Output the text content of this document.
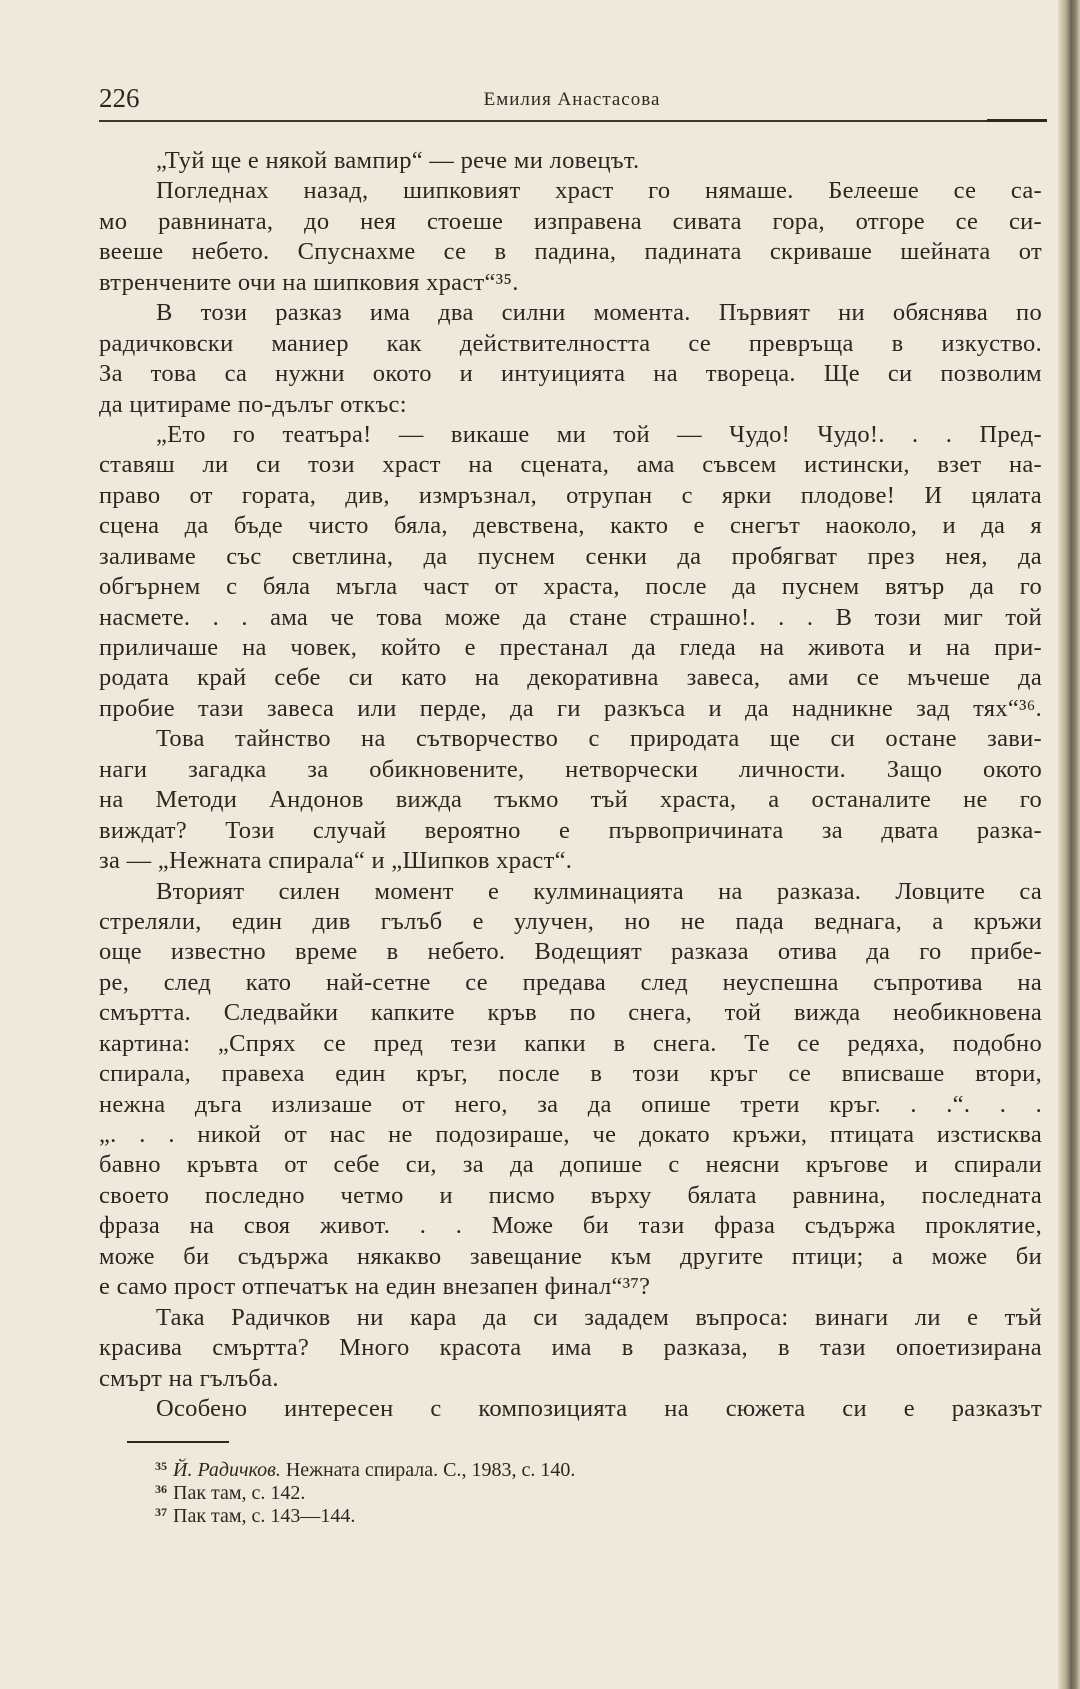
226	Емилия Анастасова
„Туй ще е някой вампир“ — рече ми ловецът.
Погледнах назад, шипковият храст го нямаше. Белееше се са-
мо равнината, до нея стоеше изправена сивата гора, отгоре се си-
вееше небето. Спуснахме се в падина, падината скриваше шейната от
втренчените очи на шипковия храст“³⁵.
В този разказ има два силни момента. Първият ни обяснява по
радичковски маниер как действителността се превръща в изкуство.
За това са нужни окото и интуицията на твореца. Ще си позволим
да цитираме по-дълъг откъс:
„Ето го театъра! — викаше ми той — Чудо! Чудо!. . . Пред-
ставяш ли си този храст на сцената, ама съвсем истински, взет на-
право от гората, див, измръзнал, отрупан с ярки плодове! И цялата
сцена да бъде чисто бяла, девствена, както е снегът наоколо, и да я
заливаме със светлина, да пуснем сенки да пробягват през нея, да
обгърнем с бяла мъгла част от храста, после да пуснем вятър да го
насмете. . . ама че това може да стане страшно!. . . В този миг той
приличаше на човек, който е престанал да гледа на живота и на при-
родата край себе си като на декоративна завеса, ами се мъчеше да
пробие тази завеса или перде, да ги разкъса и да надникне зад тях“³⁶.
Това тайнство на сътворчество с природата ще си остане зави-
наги загадка за обикновените, нетворчески личности. Защо окото
на Методи Андонов вижда тъкмо тъй храста, а останалите не го
виждат? Този случай вероятно е първопричината за двата разка-
за — „Нежната спирала“ и „Шипков храст“.
Вторият силен момент е кулминацията на разказа. Ловците са
стреляли, един див гълъб е улучен, но не пада веднага, а кръжи
още известно време в небето. Водещият разказа отива да го прибе-
ре, след като най-сетне се предава след неуспешна съпротива на
смъртта. Следвайки капките кръв по снега, той вижда необикновена
картина: „Спрях се пред тези капки в снега. Те се редяха, подобно
спирала, правеха един кръг, после в този кръг се вписваше втори,
нежна дъга излизаше от него, за да опише трети кръг. . .“. . .
„. . . никой от нас не подозираше, че докато кръжи, птицата изстисква
бавно кръвта от себе си, за да допише с неясни кръгове и спирали
своето последно четмо и писмо върху бялата равнина, последната
фраза на своя живот. . . Може би тази фраза съдържа проклятие,
може би съдържа някакво завещание към другите птици; а може би
е само прост отпечатък на един внезапен финал“³⁷?
Така Радичков ни кара да си зададем въпроса: винаги ли е тъй
красива смъртта? Много красота има в разказа, в тази опоетизирана
смърт на гълъба.
Особено интересен с композицията на сюжета си е разказът
$^{35}$ Й. Радичков. Нежната спирала. С., 1983, с. 140.
$^{36}$ Пак там, с. 142.
$^{37}$ Пак там, с. 143—144.
